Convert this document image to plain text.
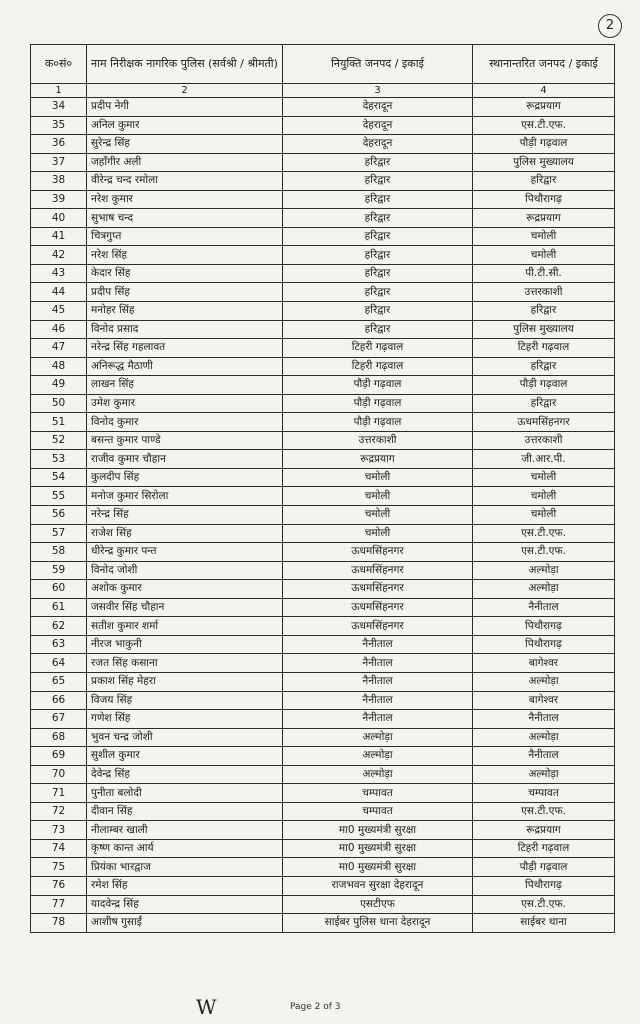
2
क०सं०	नाम निरीक्षक नागरिक पुलिस (सर्वश्री / श्रीमती)	नियुक्ति जनपद / इकाई	स्थानान्तरित जनपद / इकाई
1	2	3	4
34	प्रदीप नेगी	देहरादून	रूद्रप्रयाग
35	अनिल कुमार	देहरादून	एस.टी.एफ.
36	सुरेन्द्र सिंह	देहरादून	पौड़ी गढ़वाल
37	जहाँगीर अली	हरिद्वार	पुलिस मुख्यालय
38	वीरेन्द्र चन्द रमोला	हरिद्वार	हरिद्वार
39	नरेश कुमार	हरिद्वार	पिथौरागढ़
40	सुभाष चन्द	हरिद्वार	रूद्रप्रयाग
41	चित्रगुप्त	हरिद्वार	चमोली
42	नरेश सिंह	हरिद्वार	चमोली
43	केदार सिंह	हरिद्वार	पी.टी.सी.
44	प्रदीप सिंह	हरिद्वार	उत्तरकाशी
45	मनोहर सिंह	हरिद्वार	हरिद्वार
46	विनोद प्रसाद	हरिद्वार	पुलिस मुख्यालय
47	नरेन्द्र सिंह गहलावत	टिहरी गढ़वाल	टिहरी गढ़वाल
48	अनिरूद्ध मैठाणी	टिहरी गढ़वाल	हरिद्वार
49	लाखन सिंह	पौड़ी गढ़वाल	पौड़ी गढ़वाल
50	उमेश कुमार	पौड़ी गढ़वाल	हरिद्वार
51	विनोद कुमार	पौड़ी गढ़वाल	ऊधमसिंहनगर
52	बसन्त कुमार पाण्डे	उत्तरकाशी	उत्तरकाशी
53	राजीव कुमार चौहान	रूद्रप्रयाग	जी.आर.पी.
54	कुलदीप सिंह	चमोली	चमोली
55	मनोज कुमार सिरोला	चमोली	चमोली
56	नरेन्द्र सिंह	चमोली	चमोली
57	राजेश सिंह	चमोली	एस.टी.एफ.
58	धीरेन्द्र कुमार पन्त	ऊधमसिंहनगर	एस.टी.एफ.
59	विनोद जोशी	ऊधमसिंहनगर	अल्मोड़ा
60	अशोक कुमार	ऊधमसिंहनगर	अल्मोड़ा
61	जसवीर सिंह चौहान	ऊधमसिंहनगर	नैनीताल
62	सतीश कुमार शर्मा	ऊधमसिंहनगर	पिथौरागढ़
63	नीरज भाकुनी	नैनीताल	पिथौरागढ़
64	रजत सिंह कसाना	नैनीताल	बागेश्वर
65	प्रकाश सिंह मेहरा	नैनीताल	अल्मोड़ा
66	विजय सिंह	नैनीताल	बागेश्वर
67	गणेश सिंह	नैनीताल	नैनीताल
68	भुवन चन्द्र जोशी	अल्मोड़ा	अल्मोड़ा
69	सुशील कुमार	अल्मोड़ा	नैनीताल
70	देवेन्द्र सिंह	अल्मोड़ा	अल्मोड़ा
71	पुनीता बलोदी	चम्पावत	चम्पावत
72	दीवान सिंह	चम्पावत	एस.टी.एफ.
73	नीलाम्बर खाली	मा0 मुख्यमंत्री सुरक्षा	रूद्रप्रयाग
74	कृष्ण कान्त आर्य	मा0 मुख्यमंत्री सुरक्षा	टिहरी गढ़वाल
75	प्रियंका भारद्वाज	मा0 मुख्यमंत्री सुरक्षा	पौड़ी गढ़वाल
76	रमेश सिंह	राजभवन सुरक्षा देहरादून	पिथौरागढ़
77	यादवेन्द्र सिंह	एसटीएफ	एस.टी.एफ.
78	आशीष गुसाईं	साईबर पुलिस थाना देहरादून	साईबर थाना
W	Page 2 of 3
